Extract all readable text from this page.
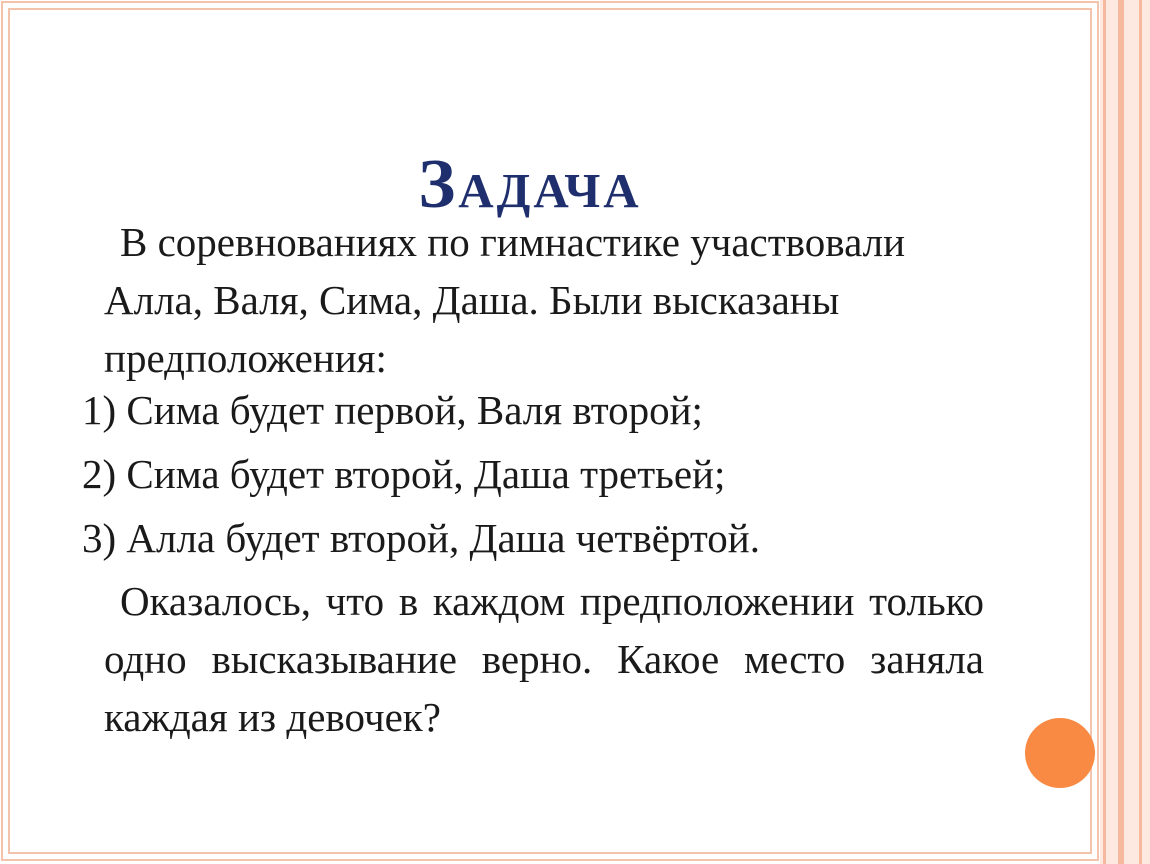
Задача

В соревнованиях по гимнастике участвовали Алла, Валя, Сима, Даша. Были высказаны предположения:

1) Сима будет первой, Валя второй;

2) Сима будет второй, Даша третьей;

3) Алла будет второй, Даша четвёртой.

Оказалось, что в каждом предположении только одно высказывание верно. Какое место заняла каждая из девочек?
